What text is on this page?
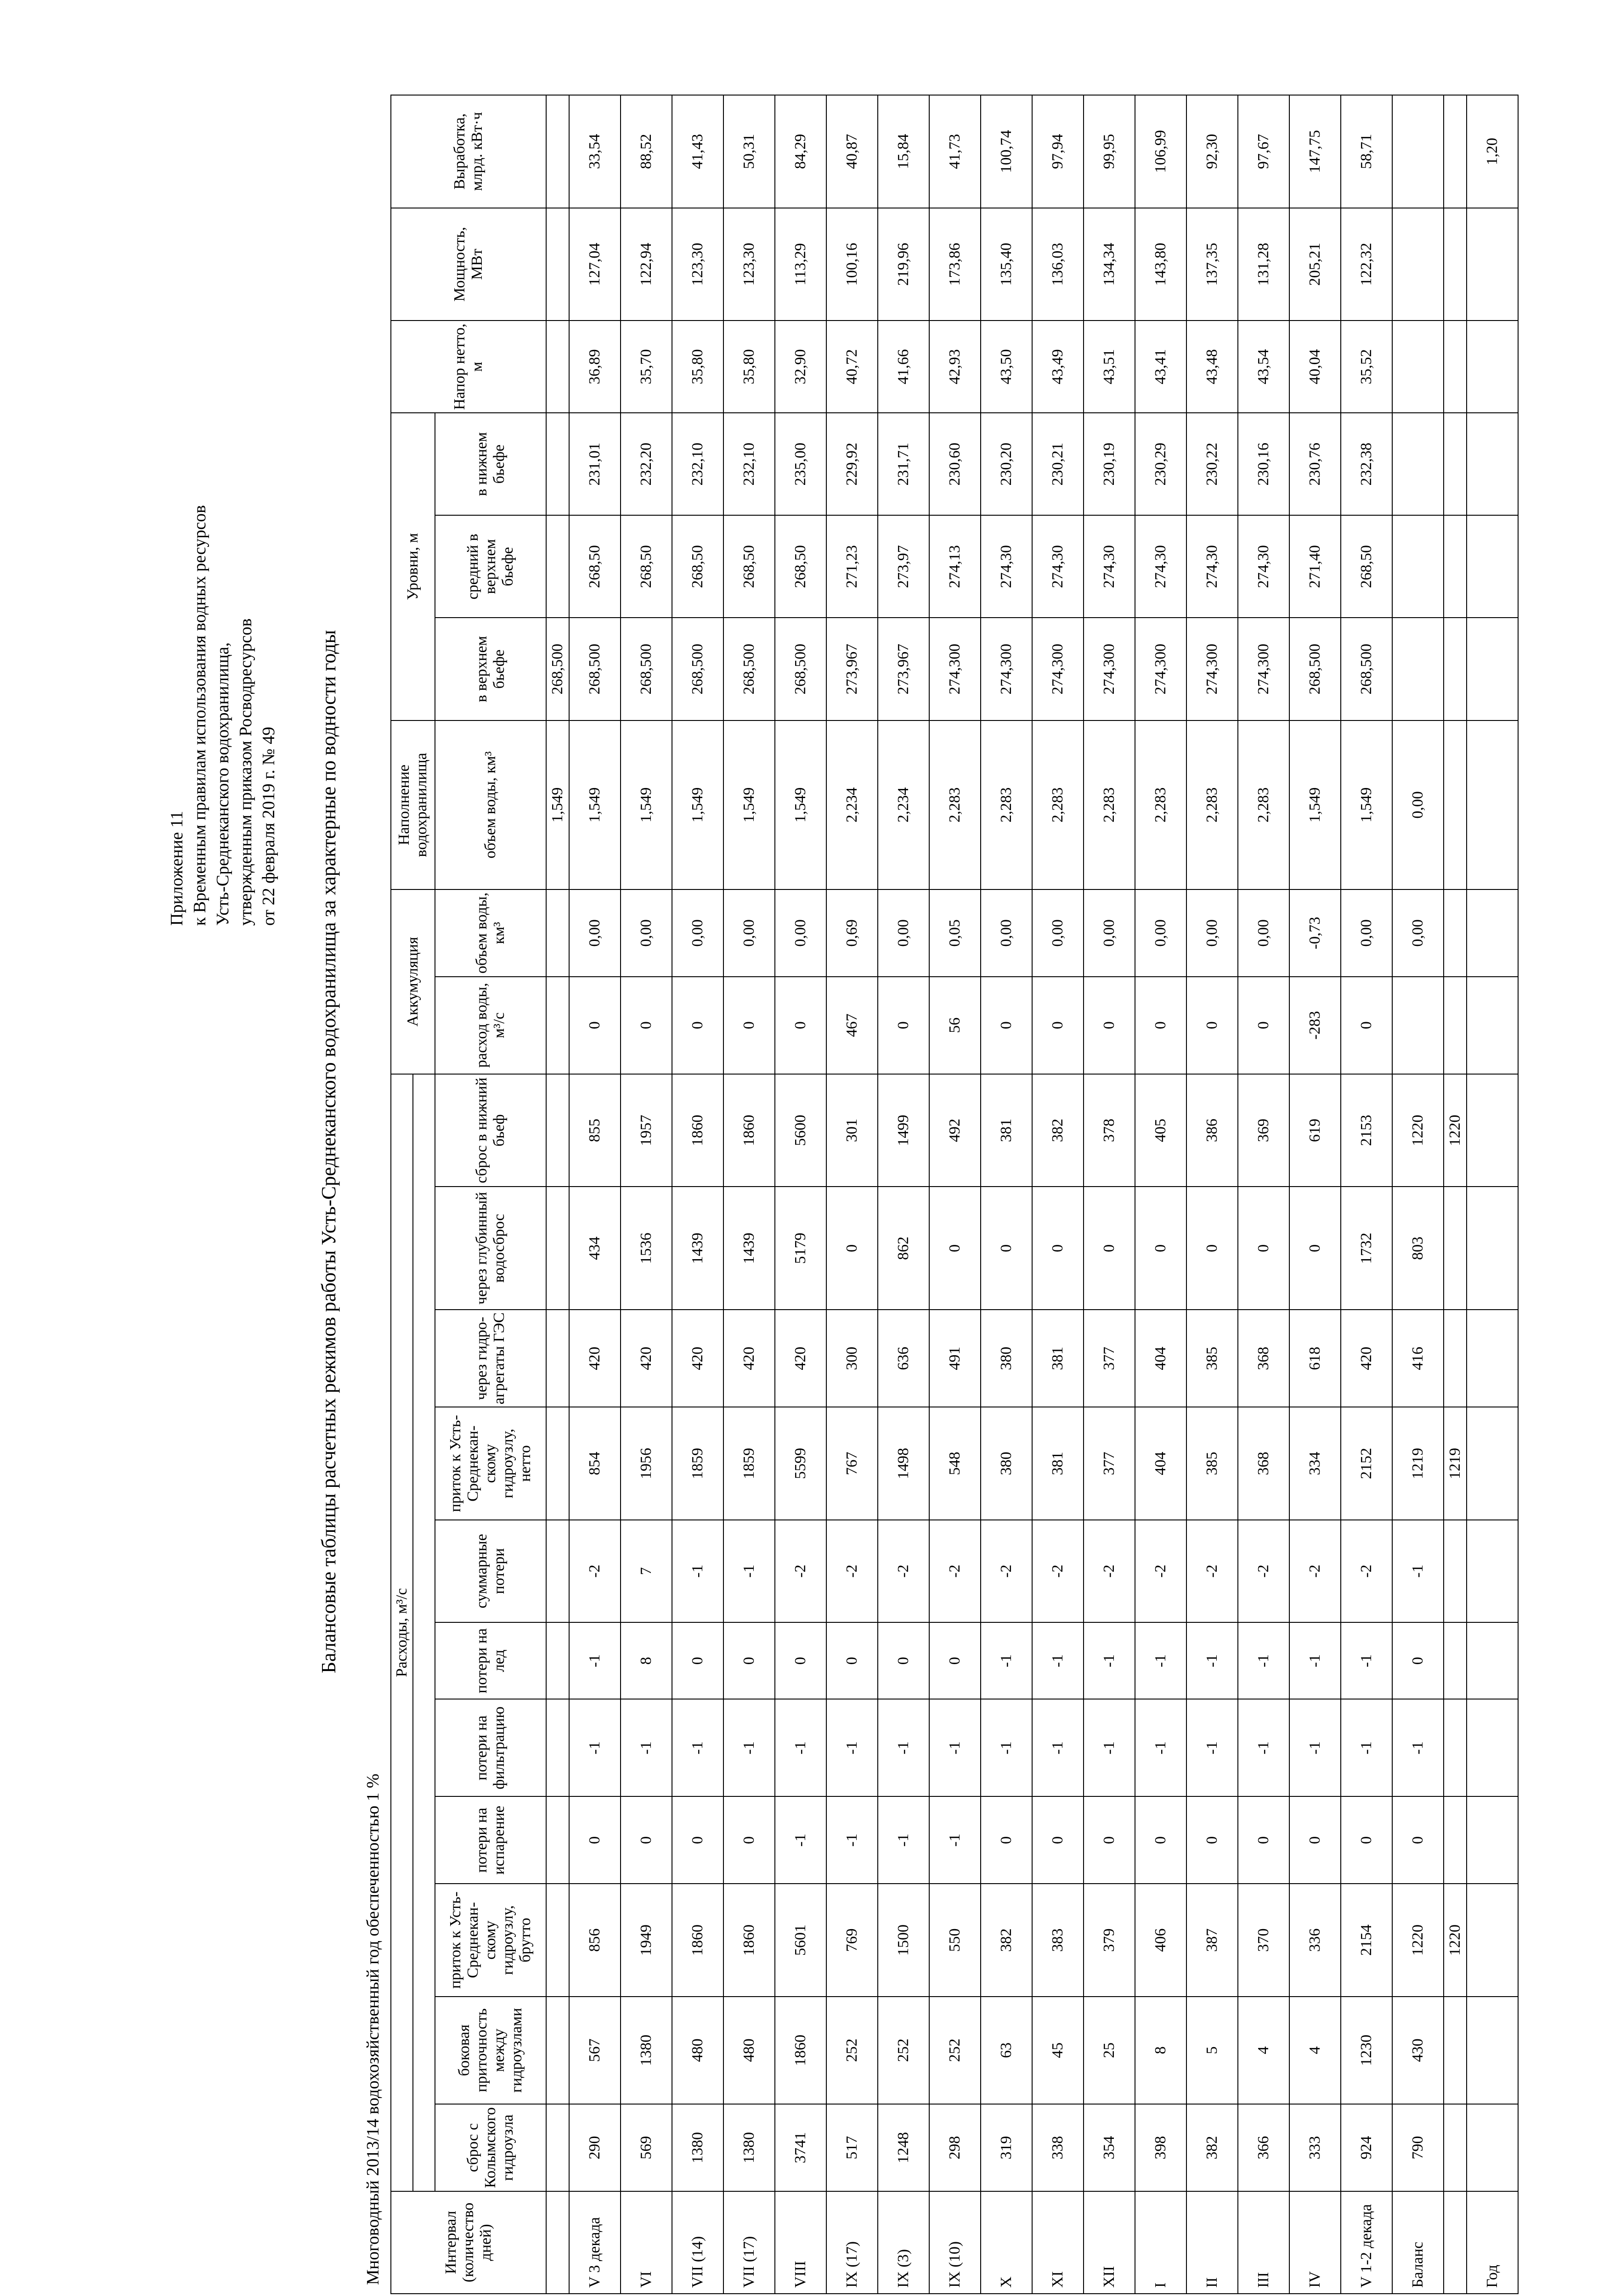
Приложение 11 к Временным правилам использования водных ресурсов Усть-Среднеканского водохранилища, утвержденным приказом Росводресурсов от 22 февраля 2019 г. № 49 Балансовые таблицы расчетных режимов работы Усть-Среднеканского водохранилища за характерные по водности годы
Многоводный 2013/14 водохозяйственный год обеспеченностью 1 %	Интервал (количество дней)	Расходы, м³/с											Аккумуляция		Наполнение водохранилища	Уровни, м			Напор нетто, м	Мощность, МВт	Выработка, млрд. кВт·ч

	сброс с Колымского гидроузла	боковая приточность между гидроузлами	приток к Усть-Среднекан-скому гидроузлу, брутто	потери на испарение	потери на фильтрацию	потери на лед	суммарные потери	приток к Усть-Среднекан-скому гидроузлу, нетто	через гидро-агрегаты ГЭС	через глубинный водосброс	сброс в нижний бьеф	расход воды, м³/с	объем воды, км³	объем воды, км³	в верхнем бьефе	средний в верхнем бьефе	в нижнем бьефе			
														1,549	268,500					
V 3 декада	290	567	856	0	-1	-1	-2	854	420	434	855	0	0,00	1,549	268,500	268,50	231,01	36,89	127,04	33,54
VI	569	1380	1949	0	-1	8	7	1956	420	1536	1957	0	0,00	1,549	268,500	268,50	232,20	35,70	122,94	88,52
VII (14)	1380	480	1860	0	-1	0	-1	1859	420	1439	1860	0	0,00	1,549	268,500	268,50	232,10	35,80	123,30	41,43
VII (17)	1380	480	1860	0	-1	0	-1	1859	420	1439	1860	0	0,00	1,549	268,500	268,50	232,10	35,80	123,30	50,31
VIII	3741	1860	5601	-1	-1	0	-2	5599	420	5179	5600	0	0,00	1,549	268,500	268,50	235,00	32,90	113,29	84,29
IX (17)	517	252	769	-1	-1	0	-2	767	300	0	301	467	0,69	2,234	273,967	271,23	229,92	40,72	100,16	40,87
IX (3)	1248	252	1500	-1	-1	0	-2	1498	636	862	1499	0	0,00	2,234	273,967	273,97	231,71	41,66	219,96	15,84
IX (10)	298	252	550	-1	-1	0	-2	548	491	0	492	56	0,05	2,283	274,300	274,13	230,60	42,93	173,86	41,73
X	319	63	382	0	-1	-1	-2	380	380	0	381	0	0,00	2,283	274,300	274,30	230,20	43,50	135,40	100,74
XI	338	45	383	0	-1	-1	-2	381	381	0	382	0	0,00	2,283	274,300	274,30	230,21	43,49	136,03	97,94
XII	354	25	379	0	-1	-1	-2	377	377	0	378	0	0,00	2,283	274,300	274,30	230,19	43,51	134,34	99,95
I	398	8	406	0	-1	-1	-2	404	404	0	405	0	0,00	2,283	274,300	274,30	230,29	43,41	143,80	106,99
II	382	5	387	0	-1	-1	-2	385	385	0	386	0	0,00	2,283	274,300	274,30	230,22	43,48	137,35	92,30
III	366	4	370	0	-1	-1	-2	368	368	0	369	0	0,00	2,283	274,300	274,30	230,16	43,54	131,28	97,67
IV	333	4	336	0	-1	-1	-2	334	618	0	619	-283	-0,73	1,549	268,500	271,40	230,76	40,04	205,21	147,75
V 1-2 декада	924	1230	2154	0	-1	-1	-2	2152	420	1732	2153	0	0,00	1,549	268,500	268,50	232,38	35,52	122,32	58,71
Баланс	790	430	1220	0	-1	0	-1	1219	416	803	1220		0,00	0,00						
			1220					1219			1220									
Год																				1,20
